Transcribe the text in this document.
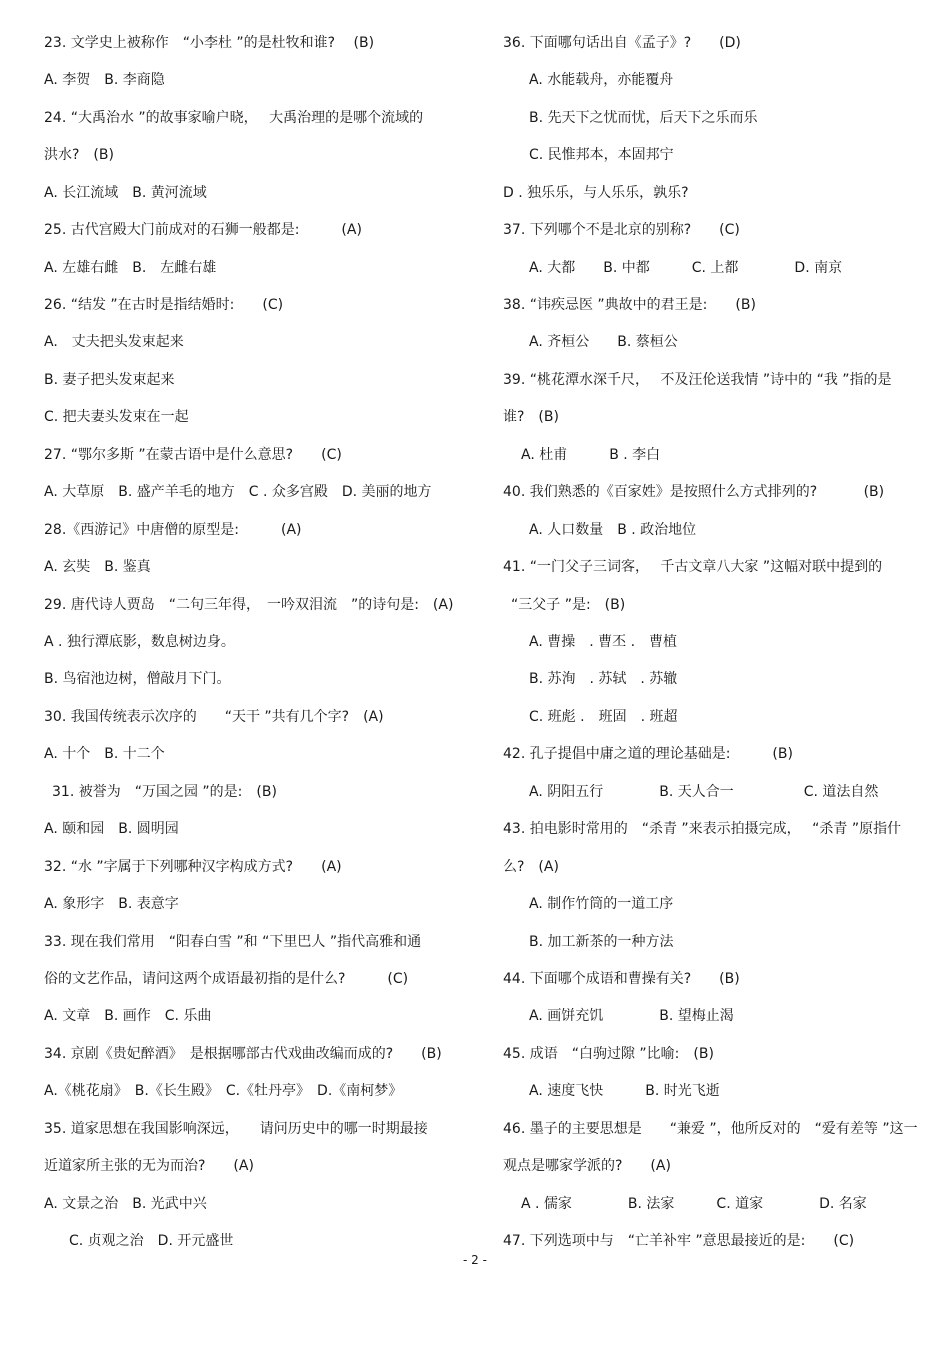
23. 文学史上被称作　“小李杜 ”的是杜牧和谁?　 (B)
A. 李贺　B. 李商隐
24. “大禹治水 ”的故事家喻户晓，　 大禹治理的是哪个流域的
洪水?　(B)
A. 长江流域　B. 黄河流域
25. 古代宫殿大门前成对的石狮一般都是:　　　(A)
A. 左雄右雌　B.　左雌右雄
26. “结发 ”在古时是指结婚时:　　(C)
A.　丈夫把头发束起来
B. 妻子把头发束起来
C. 把夫妻头发束在一起
27. “鄂尔多斯 ”在蒙古语中是什么意思?　　(C)
A. 大草原　B. 盛产羊毛的地方　C . 众多宫殿　D. 美丽的地方
28.《西游记》中唐僧的原型是:　　　(A)
A. 玄奘　B. 鉴真
29. 唐代诗人贾岛　“二句三年得，　一吟双泪流　”的诗句是:　(A)
A . 独行潭底影，数息树边身。
B. 鸟宿池边树，僧敲月下门。
30. 我国传统表示次序的　　“天干 ”共有几个字?　(A)
A. 十个　B. 十二个
31. 被誉为　“万国之园 ”的是:　(B)
A. 颐和园　B. 圆明园
32. “水 ”字属于下列哪种汉字构成方式?　　(A)
A. 象形字　B. 表意字
33. 现在我们常用　“阳春白雪 ”和 “下里巴人 ”指代高雅和通
俗的文艺作品，请问这两个成语最初指的是什么?　　　(C)
A. 文章　B. 画作　C. 乐曲
34. 京剧《贵妃醉酒》　是根据哪部古代戏曲改编而成的?　　(B)
A.《桃花扇》　B.《长生殿》　C.《牡丹亭》　D.《南柯梦》
35. 道家思想在我国影响深远，　　请问历史中的哪一时期最接
近道家所主张的无为而治?　　(A)
A. 文景之治　B. 光武中兴
C. 贞观之治　D. 开元盛世
36. 下面哪句话出自《孟子》?　　(D)
A. 水能载舟，亦能覆舟
B. 先天下之忧而忧，后天下之乐而乐
C. 民惟邦本，本固邦宁
D . 独乐乐，与人乐乐，孰乐?
37. 下列哪个不是北京的别称?　　(C)
A. 大都　　B. 中都　　　C. 上都　　　　D. 南京
38. “讳疾忌医 ”典故中的君王是:　　(B)
A. 齐桓公　　B. 蔡桓公
39. “桃花潭水深千尺，　 不及汪伦送我情 ”诗中的 “我 ”指的是
谁?　(B)
A. 杜甫　　　B . 李白
40. 我们熟悉的《百家姓》是按照什么方式排列的?　　　 (B)
A. 人口数量　B . 政治地位
41. “一门父子三词客，　 千古文章八大家 ”这幅对联中提到的
“三父子 ”是:　(B)
A. 曹操　. 曹丕 .　曹植
B. 苏洵　. 苏轼　. 苏辙
C. 班彪 .　班固　. 班超
42. 孔子提倡中庸之道的理论基础是:　　　(B)
A. 阴阳五行　　　　B. 天人合一　　　　　C. 道法自然
43. 拍电影时常用的　“杀青 ”来表示拍摄完成，　 “杀青 ”原指什
么?　(A)
A. 制作竹筒的一道工序
B. 加工新茶的一种方法
44. 下面哪个成语和曹操有关?　　(B)
A. 画饼充饥　　　　B. 望梅止渴
45. 成语　“白驹过隙 ”比喻:　(B)
A. 速度飞快　　　B. 时光飞逝
46. 墨子的主要思想是　　“兼爱 ”，他所反对的　“爱有差等 ”这一
观点是哪家学派的?　　(A)
A . 儒家　　　　B. 法家　　　C. 道家　　　　D. 名家
47. 下列选项中与　“亡羊补牢 ”意思最接近的是:　　(C)
- 2 -
